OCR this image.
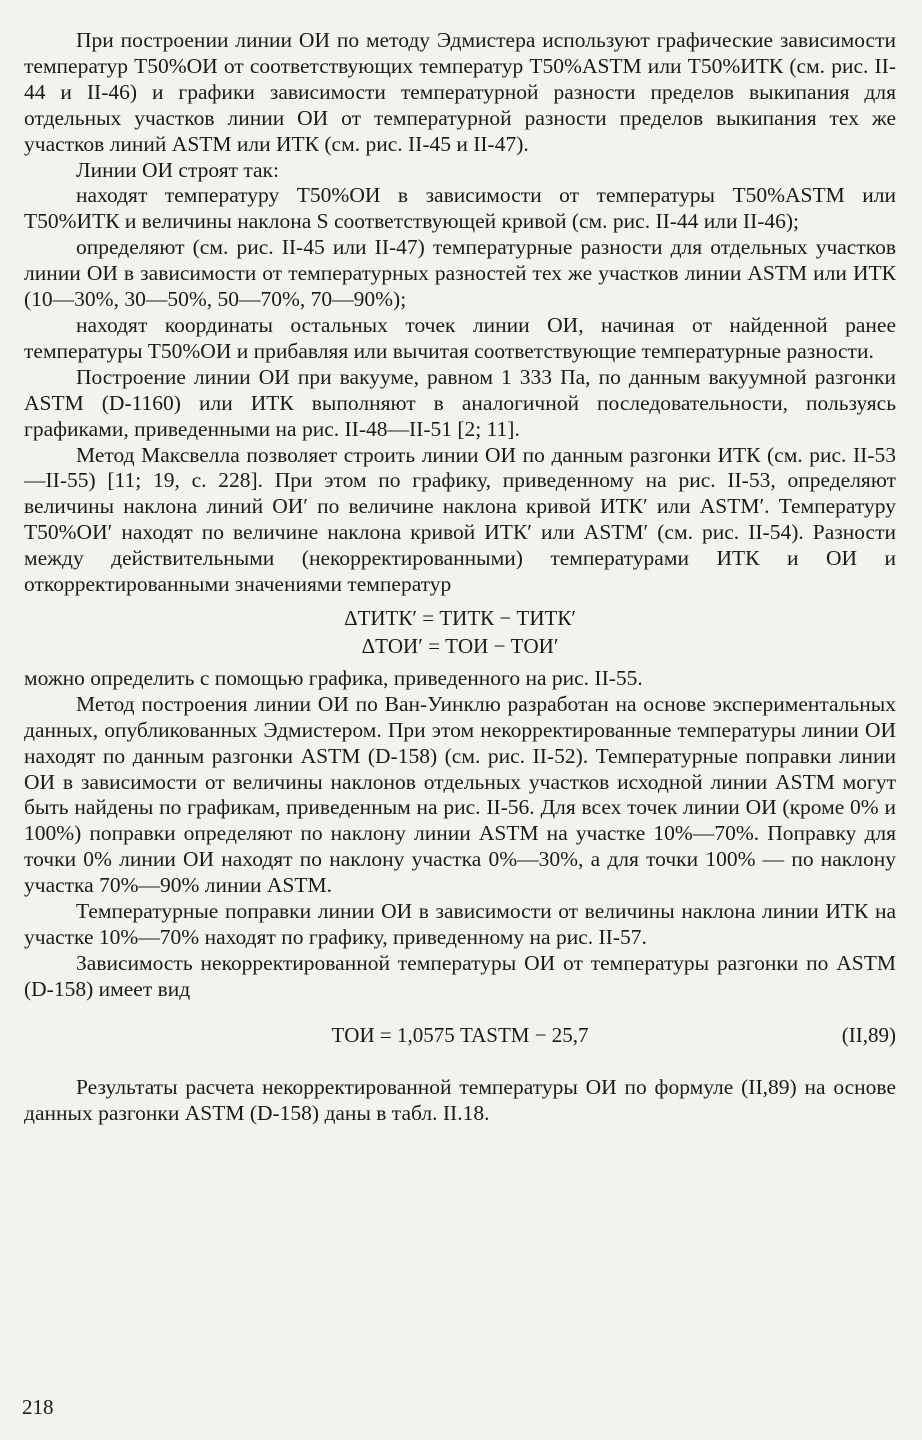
При построении линии ОИ по методу Эдмистера используют графические зависимости температур T50%ОИ от соответствующих температур T50%ASTM или T50%ИТК (см. рис. II-44 и II-46) и графики зависимости температурной разности пределов выкипания для отдельных участков линии ОИ от температурной разности пределов выкипания тех же участков линий ASTM или ИТК (см. рис. II-45 и II-47).

Линии ОИ строят так:

находят температуру T50%ОИ в зависимости от температуры T50%ASTM или T50%ИТК и величины наклона S соответствующей кривой (см. рис. II-44 или II-46);

определяют (см. рис. II-45 или II-47) температурные разности для отдельных участков линии ОИ в зависимости от температурных разностей тех же участков линии ASTM или ИТК (10—30%, 30—50%, 50—70%, 70—90%);

находят координаты остальных точек линии ОИ, начиная от найденной ранее температуры T50%ОИ и прибавляя или вычитая соответствующие температурные разности.

Построение линии ОИ при вакууме, равном 1 333 Па, по данным вакуумной разгонки ASTM (D-1160) или ИТК выполняют в аналогичной последовательности, пользуясь графиками, приведенными на рис. II-48—II-51 [2; 11].

Метод Максвелла позволяет строить линии ОИ по данным разгонки ИТК (см. рис. II-53—II-55) [11; 19, с. 228]. При этом по графику, приведенному на рис. II-53, определяют величины наклона линий ОИ′ по величине наклона кривой ИТК′ или ASTM′. Температуру T50%ОИ′ находят по величине наклона кривой ИТК′ или ASTM′ (см. рис. II-54). Разности между действительными (некорректированными) температурами ИТК и ОИ и откорректированными значениями температур

ΔTИТК′ = TИТК − TИТК′
ΔTОИ′ = TОИ − TОИ′

можно определить с помощью графика, приведенного на рис. II-55.

Метод построения линии ОИ по Ван-Уинклю разработан на основе экспериментальных данных, опубликованных Эдмистером. При этом некорректированные температуры линии ОИ находят по данным разгонки ASTM (D-158) (см. рис. II-52). Температурные поправки линии ОИ в зависимости от величины наклонов отдельных участков исходной линии ASTM могут быть найдены по графикам, приведенным на рис. II-56. Для всех точек линии ОИ (кроме 0% и 100%) поправки определяют по наклону линии ASTM на участке 10%—70%. Поправку для точки 0% линии ОИ находят по наклону участка 0%—30%, а для точки 100% — по наклону участка 70%—90% линии ASTM.

Температурные поправки линии ОИ в зависимости от величины наклона линии ИТК на участке 10%—70% находят по графику, приведенному на рис. II-57.

Зависимость некорректированной температуры ОИ от температуры разгонки по ASTM (D-158) имеет вид

TОИ = 1,0575 TASTM − 25,7	(II,89)

Результаты расчета некорректированной температуры ОИ по формуле (II,89) на основе данных разгонки ASTM (D-158) даны в табл. II.18.

218
